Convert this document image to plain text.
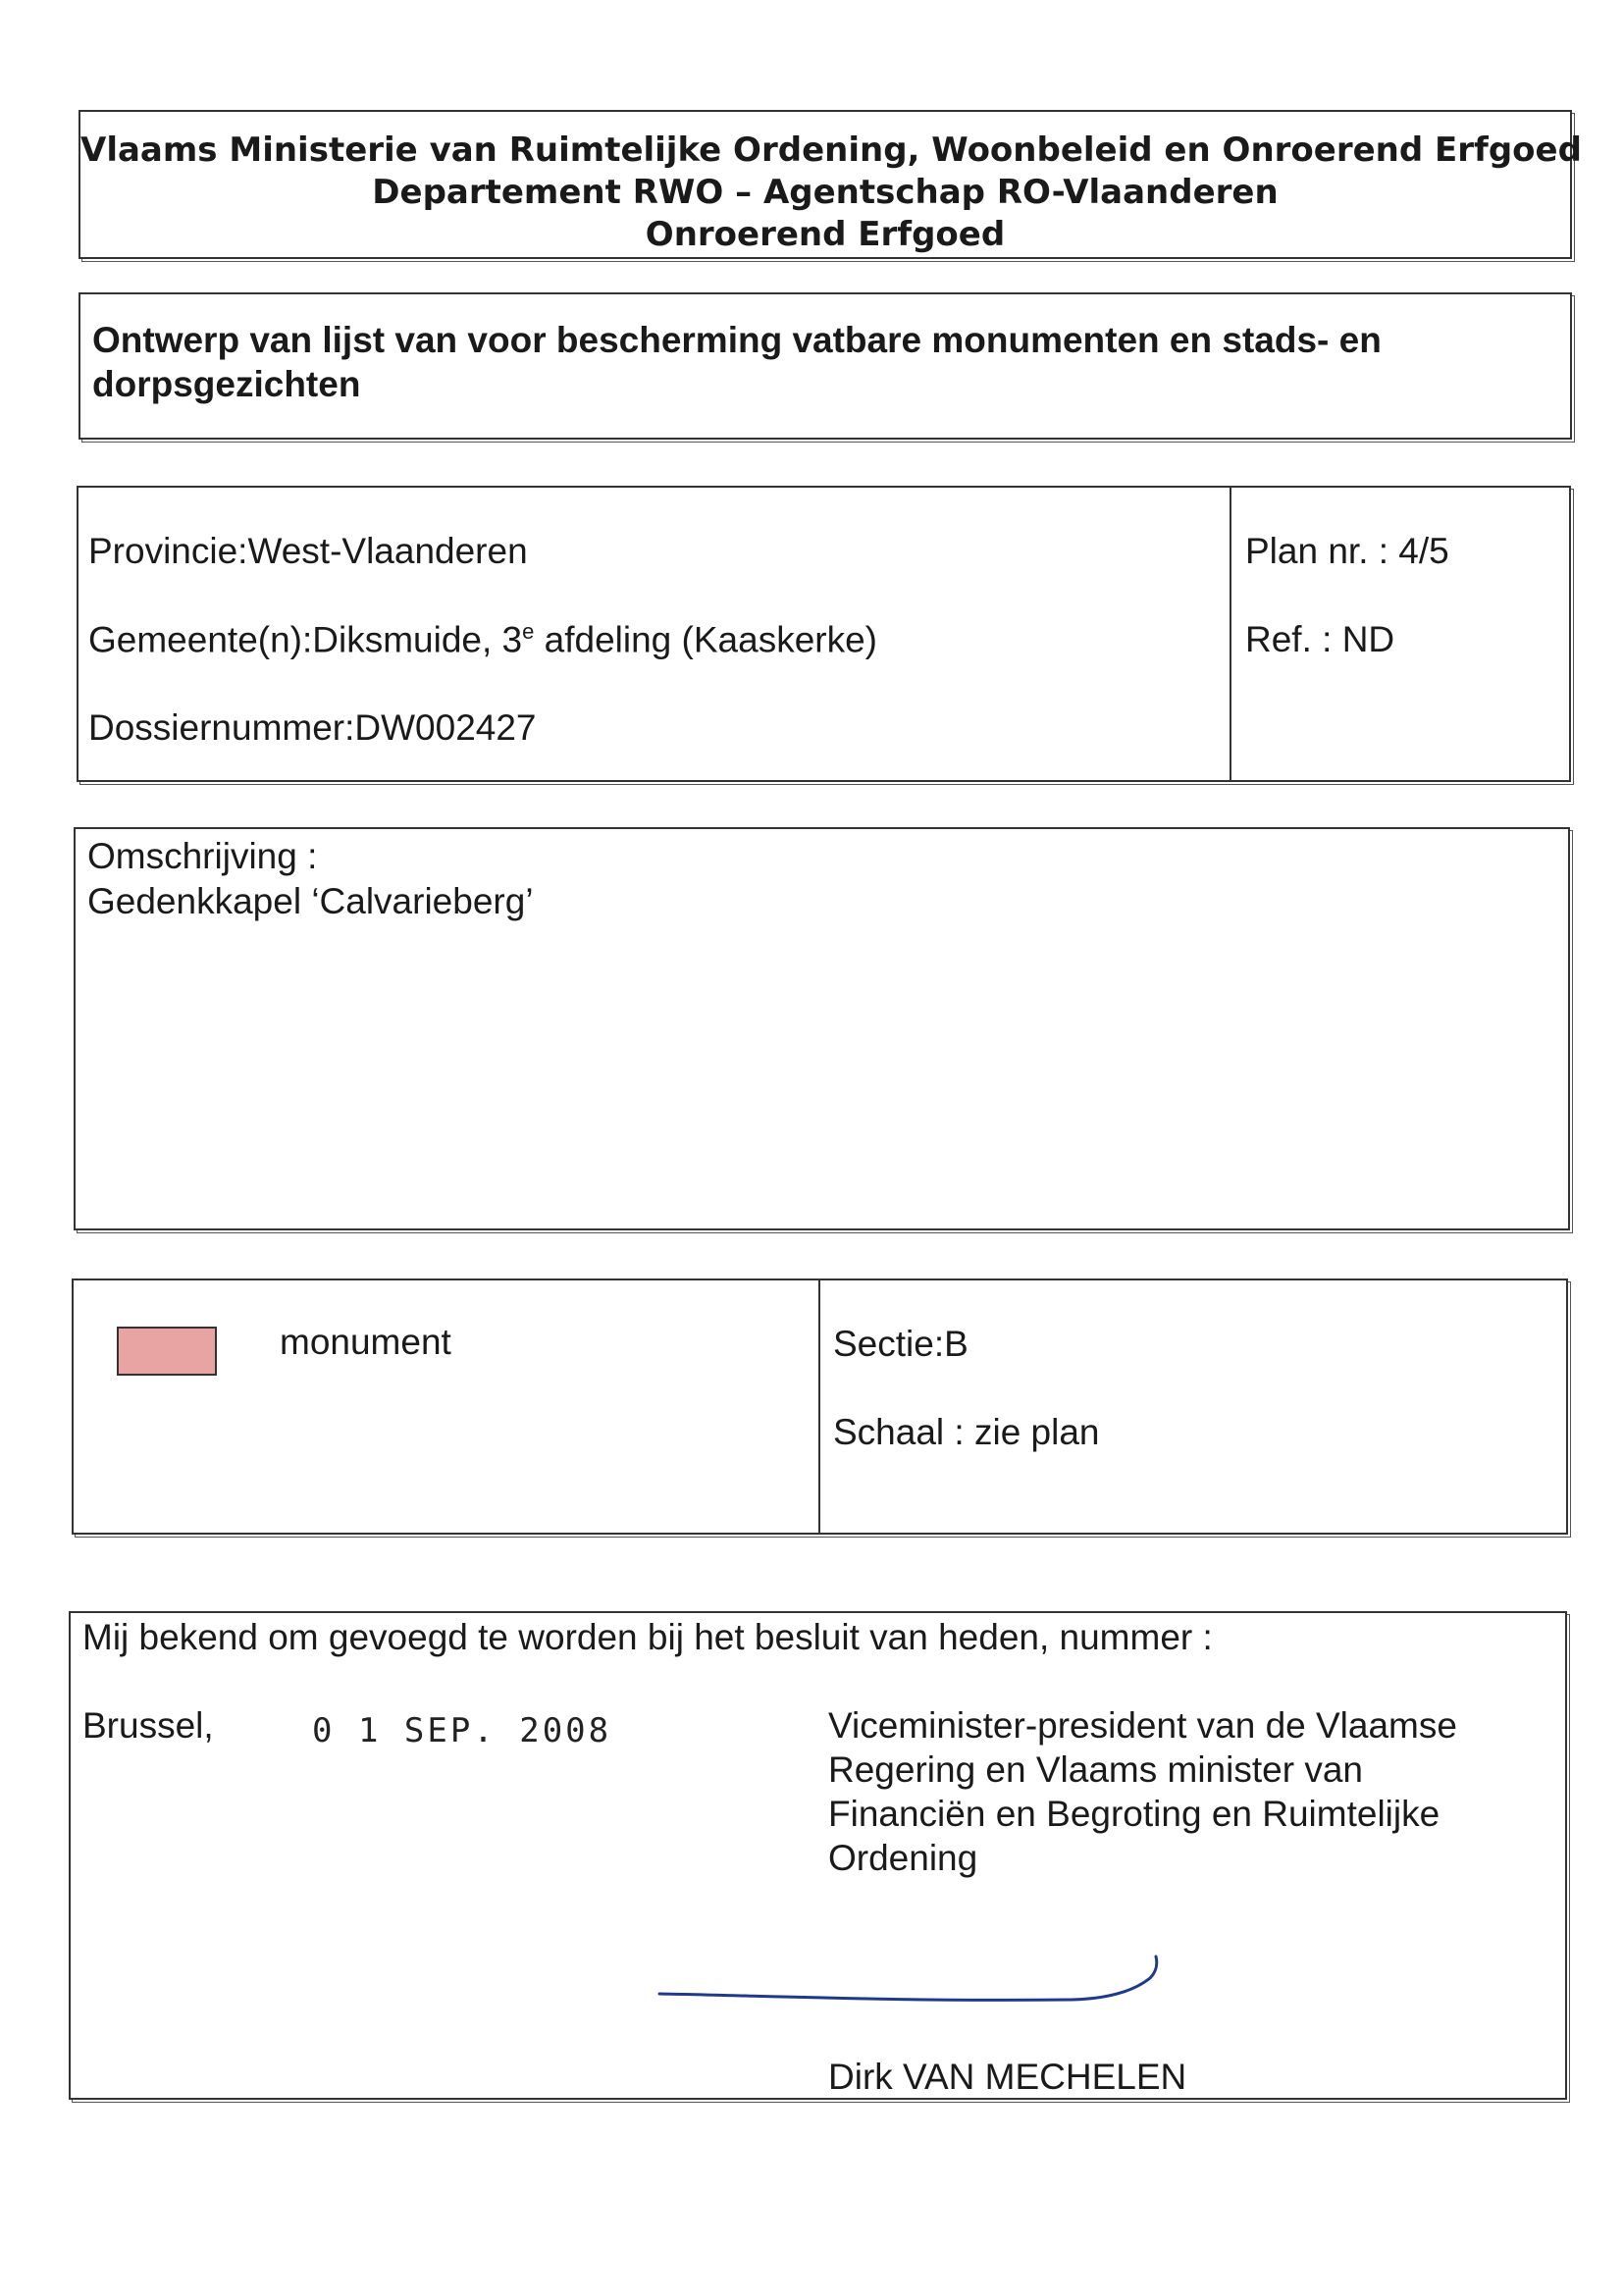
Vlaams Ministerie van Ruimtelijke Ordening, Woonbeleid en Onroerend Erfgoed
Departement RWO – Agentschap RO-Vlaanderen
Onroerend Erfgoed
Ontwerp van lijst van voor bescherming vatbare monumenten en stads- en dorpsgezichten
Provincie:West-Vlaanderen
Gemeente(n):Diksmuide, 3e afdeling (Kaaskerke)
Dossiernummer:DW002427
Plan nr. : 4/5
Ref. : ND
Omschrijving :
Gedenkkapel ‘Calvarieberg’
monument	Sectie:B
Schaal : zie plan
Mij bekend om gevoegd te worden bij het besluit van heden, nummer :
Brussel,	0 1 SEP. 2008	Viceminister-president van de Vlaamse
Regering en Vlaams minister van
Financiën en Begroting en Ruimtelijke
Ordening
Dirk VAN MECHELEN
